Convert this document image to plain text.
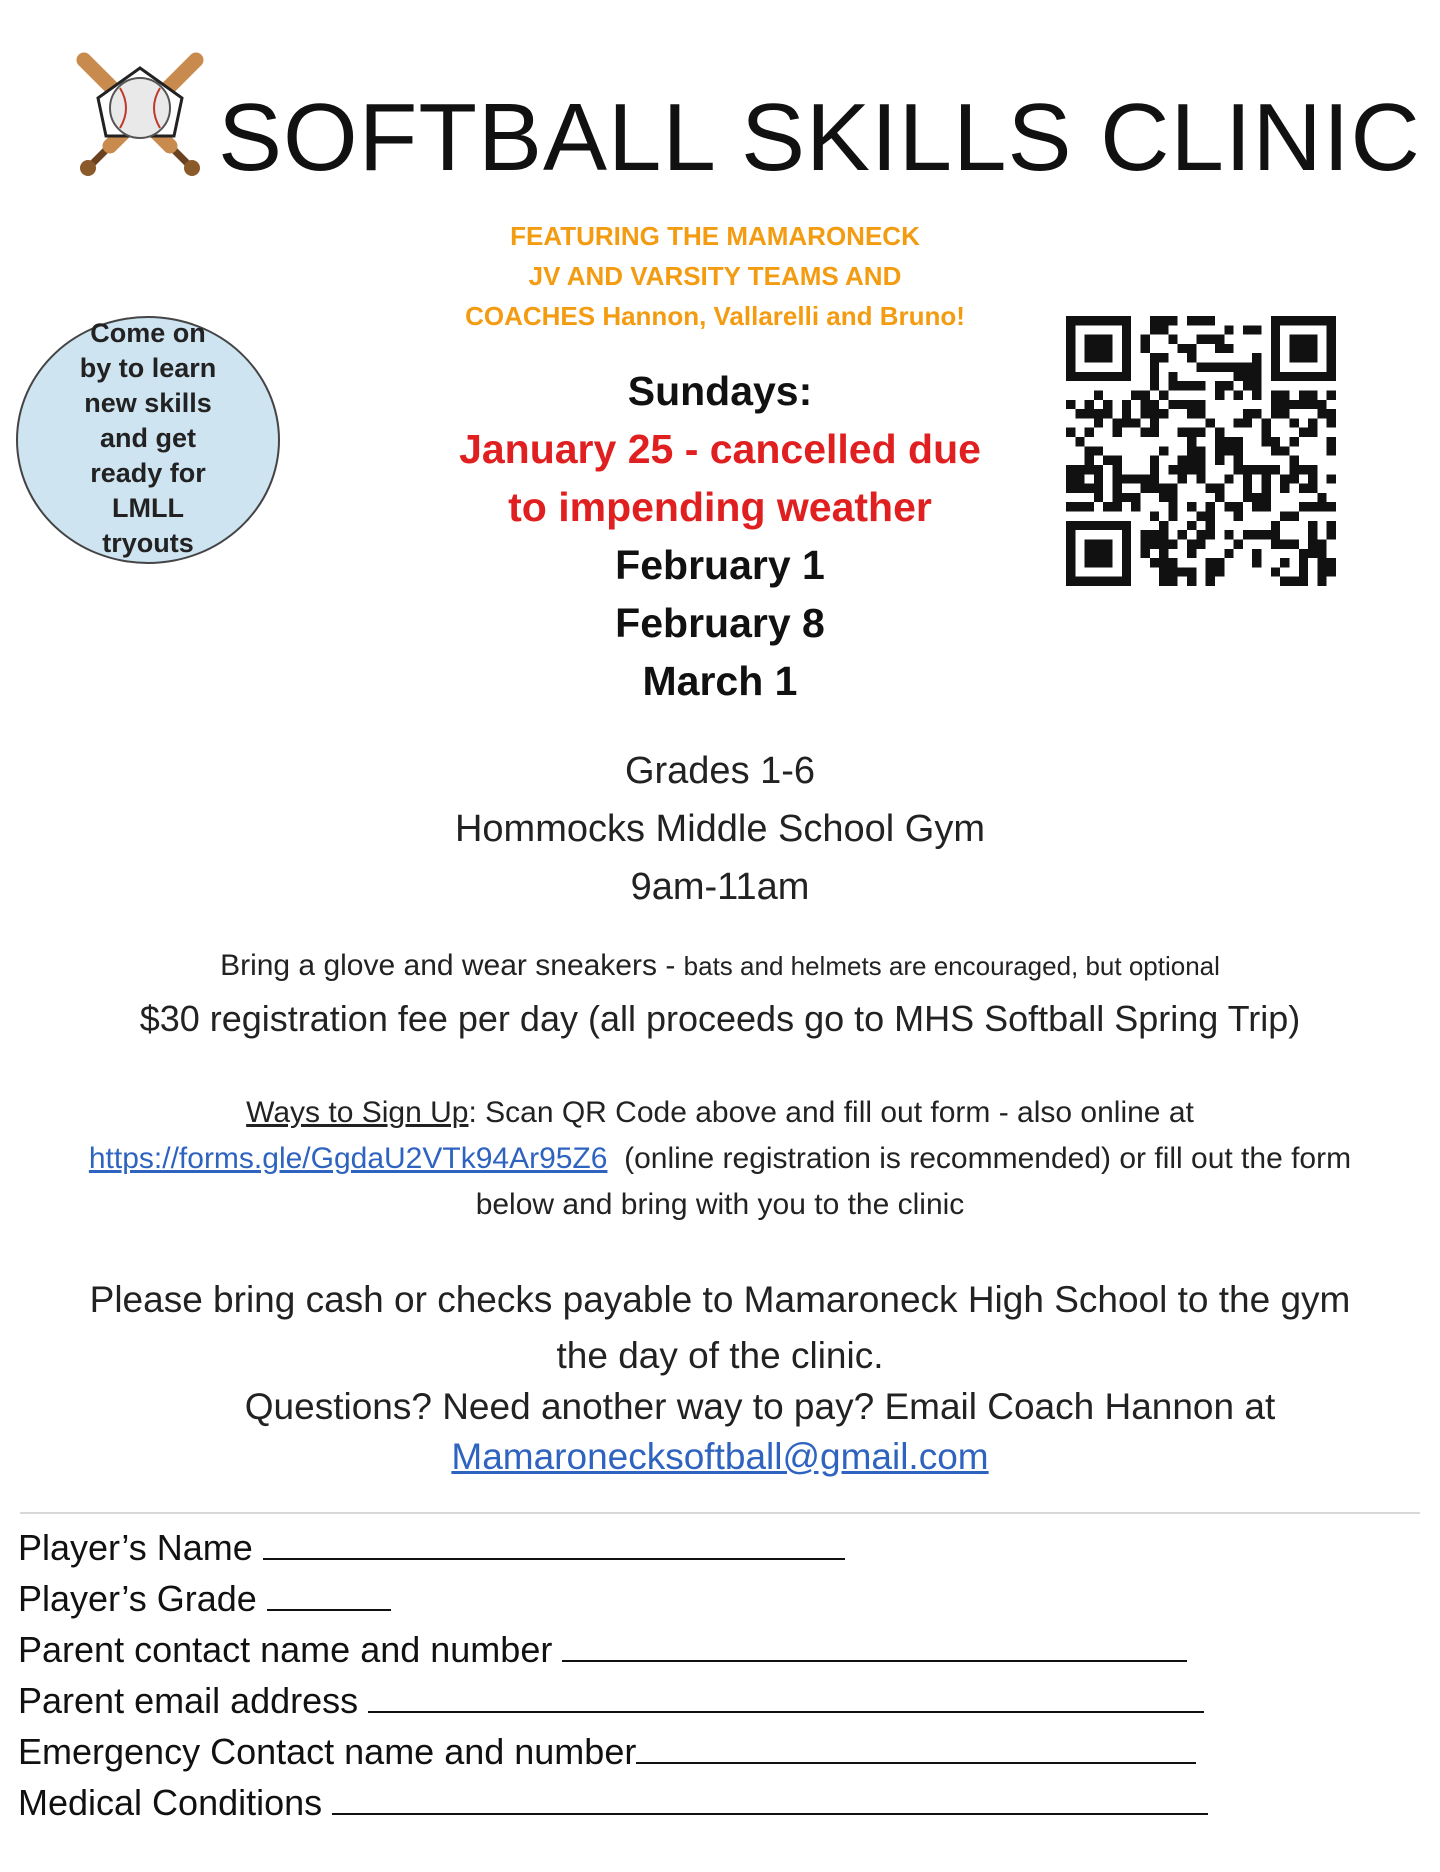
SOFTBALL SKILLS CLINIC
FEATURING THE MAMARONECK
JV AND VARSITY TEAMS AND
COACHES Hannon, Vallarelli and Bruno!
Come on
by to learn
new skills
and get
ready for
LMLL
tryouts
Sundays:
January 25 - cancelled due
to impending weather
February 1
February 8
March 1
Grades 1-6
Hommocks Middle School Gym
9am-11am
Bring a glove and wear sneakers - bats and helmets are encouraged, but optional
$30 registration fee per day (all proceeds go to MHS Softball Spring Trip)
Ways to Sign Up: Scan QR Code above and fill out form - also online at
https://forms.gle/GgdaU2VTk94Ar95Z6 (online registration is recommended) or fill out the form
below and bring with you to the clinic
Please bring cash or checks payable to Mamaroneck High School to the gym
the day of the clinic.
Questions? Need another way to pay? Email Coach Hannon at
Mamaronecksoftball@gmail.com
Player’s Name
Player’s Grade
Parent contact name and number
Parent email address
Emergency Contact name and number
Medical Conditions
